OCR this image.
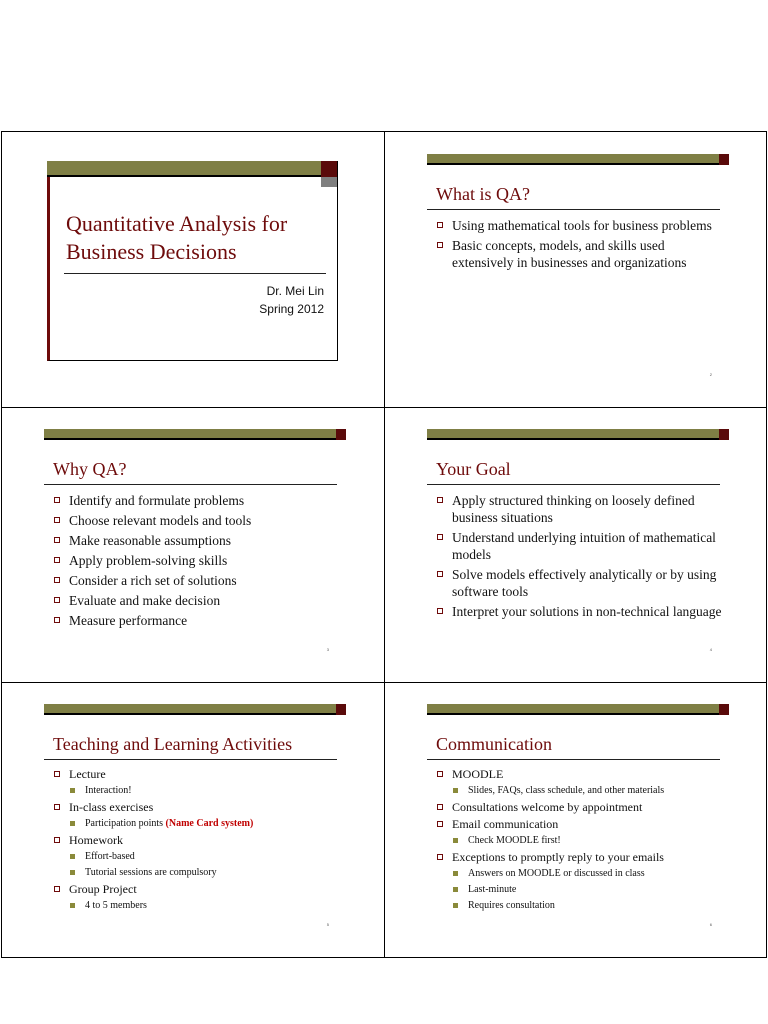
Quantitative Analysis for
Business Decisions
Dr. Mei Lin
Spring 2012
What is QA?
Using mathematical tools for business problems
Basic concepts, models, and skills used extensively in businesses and organizations
2
Why QA?
Identify and formulate problems
Choose relevant models and tools
Make reasonable assumptions
Apply problem-solving skills
Consider a rich set of solutions
Evaluate and make decision
Measure performance
3
Your Goal
Apply structured thinking on loosely defined business situations
Understand underlying intuition of mathematical models
Solve models effectively analytically or by using software tools
Interpret your solutions in non-technical language
4
Teaching and Learning Activities
Lecture
Interaction!
In-class exercises
Participation points (Name Card system)
Homework
Effort-based
Tutorial sessions are compulsory
Group Project
4 to 5 members
5
Communication
MOODLE
Slides, FAQs, class schedule, and other materials
Consultations welcome by appointment
Email communication
Check MOODLE first!
Exceptions to promptly reply to your emails
Answers on MOODLE or discussed in class
Last-minute
Requires consultation
6
